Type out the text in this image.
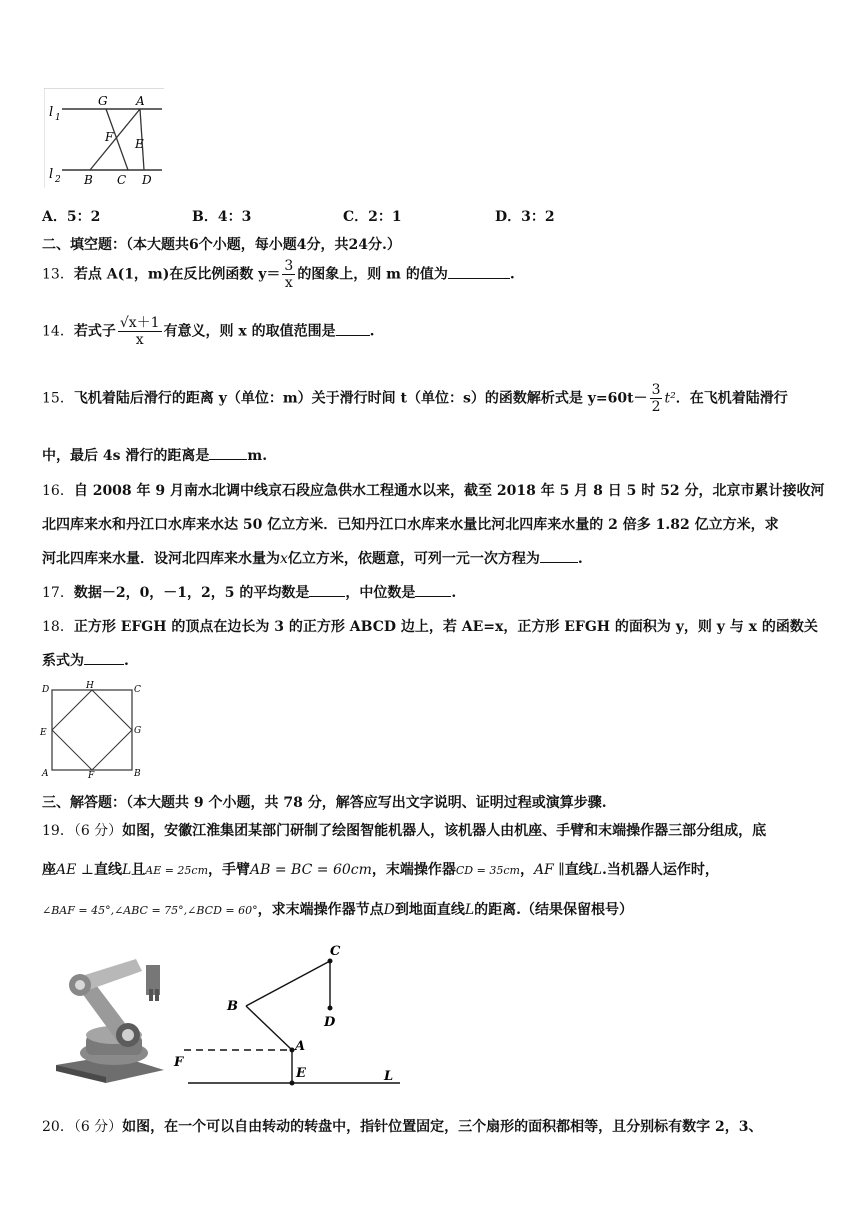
l 1
l 2
G A
F E
B C D
A．5：2	B．4：3	C．2：1	D．3：2
二、填空题：（本大题共6个小题，每小题4分，共24分.）
13．若点 A(1，m)在反比例函数 $y= \frac{3}{x}$ 的图象上，则 m 的值为	.
14．若式子 $\frac{√x+1}{x}$ 有意义，则 x 的取值范围是 .
15．飞机着陆后滑行的距离 y（单位：m）关于滑行时间 t（单位：s）的函数解析式是 $y=60t- \frac{3}{2} t^2$．在飞机着陆滑行
中，最后 4s 滑行的距离是	m.
16．自 2008 年 9 月南水北调中线京石段应急供水工程通水以来，截至 2018 年 5 月 8 日 5 时 52 分，北京市累计接收河
北四库来水和丹江口水库来水达 50 亿立方米．已知丹江口水库来水量比河北四库来水量的 2 倍多 1.82 亿立方米，求
河北四库来水量．设河北四库来水量为x亿立方米，依题意，可列一元一次方程为	.
17．数据－2，0，－1，2，5 的平均数是	，中位数是	.
18．正方形 EFGH 的顶点在边长为 3 的正方形 ABCD 边上，若 AE=x，正方形 EFGH 的面积为 y，则 y 与 x 的函数关
系式为	.
D	H	C
E	G
A	F	B
三、解答题：（本大题共 9 个小题，共 78 分，解答应写出文字说明、证明过程或演算步骤.
19．（6 分）如图，安徽江淮集团某部门研制了绘图智能机器人，该机器人由机座、手臂和末端操作器三部分组成，底
座AE ⊥直线L且AE = 25cm，手臂AB = BC = 60cm，末端操作器CD = 35cm，AF ∥直线L.当机器人运作时，
∠BAF = 45°,∠ABC = 75°,∠BCD = 60°，求末端操作器节点D到地面直线L的距离.（结果保留根号）
C
B
D
A
F
E	L
20．（6 分）如图，在一个可以自由转动的转盘中，指针位置固定，三个扇形的面积都相等，且分别标有数字 2，3、
